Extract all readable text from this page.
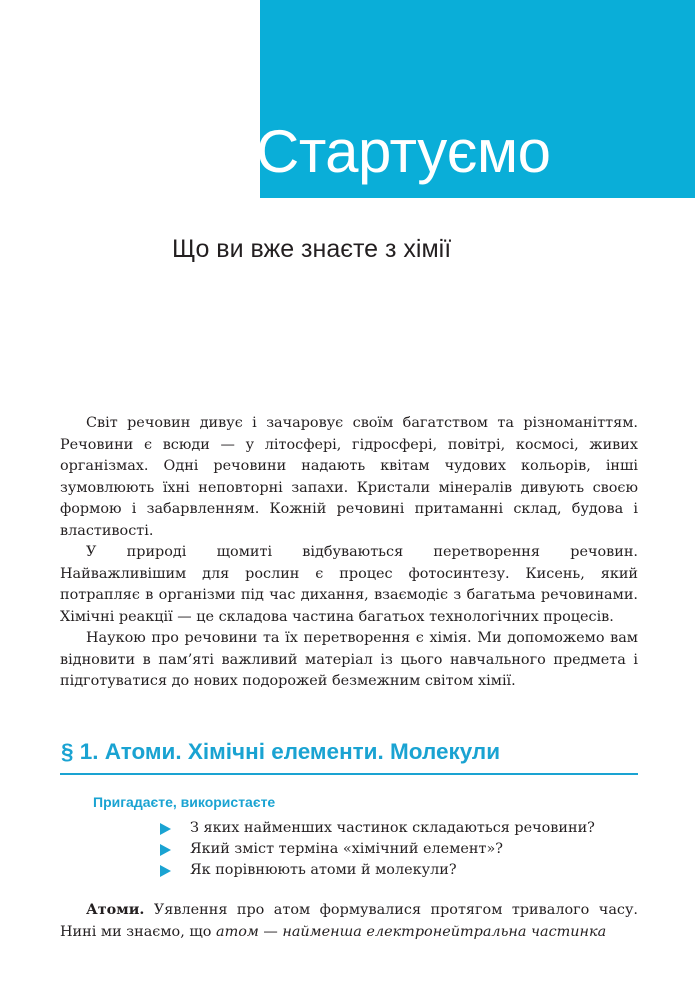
Стартуємо
Що ви вже знаєте з хімії

Світ речовин дивує і зачаровує своїм багатством та різноманіттям. Речовини є всюди — у літосфері, гідросфері, повітрі, космосі, живих організмах. Одні речовини надають квітам чудових кольорів, інші зумовлюють їхні неповторні запахи. Кристали мінералів дивують своєю формою і забарвленням. Кожній речовині притаманні склад, будова і властивості.

У природі щомиті відбуваються перетворення речовин. Найважливішим для рослин є процес фотосинтезу. Кисень, який потрапляє в організми під час дихання, взаємодіє з багатьма речовинами. Хімічні реакції — це складова частина багатьох технологічних процесів.

Наукою про речовини та їх перетворення є хімія. Ми допоможемо вам відновити в пам’яті важливий матеріал із цього навчального предмета і підготуватися до нових подорожей безмежним світом хімії.

§ 1. Атоми. Хімічні елементи. Молекули
Пригадаєте, використаєте
З яких найменших частинок складаються речовини?
Який зміст терміна «хімічний елемент»?
Як порівнюють атоми й молекули?

Атоми. Уявлення про атом формувалися протягом тривалого часу. Нині ми знаємо, що атом — найменша електронейтральна частинка
